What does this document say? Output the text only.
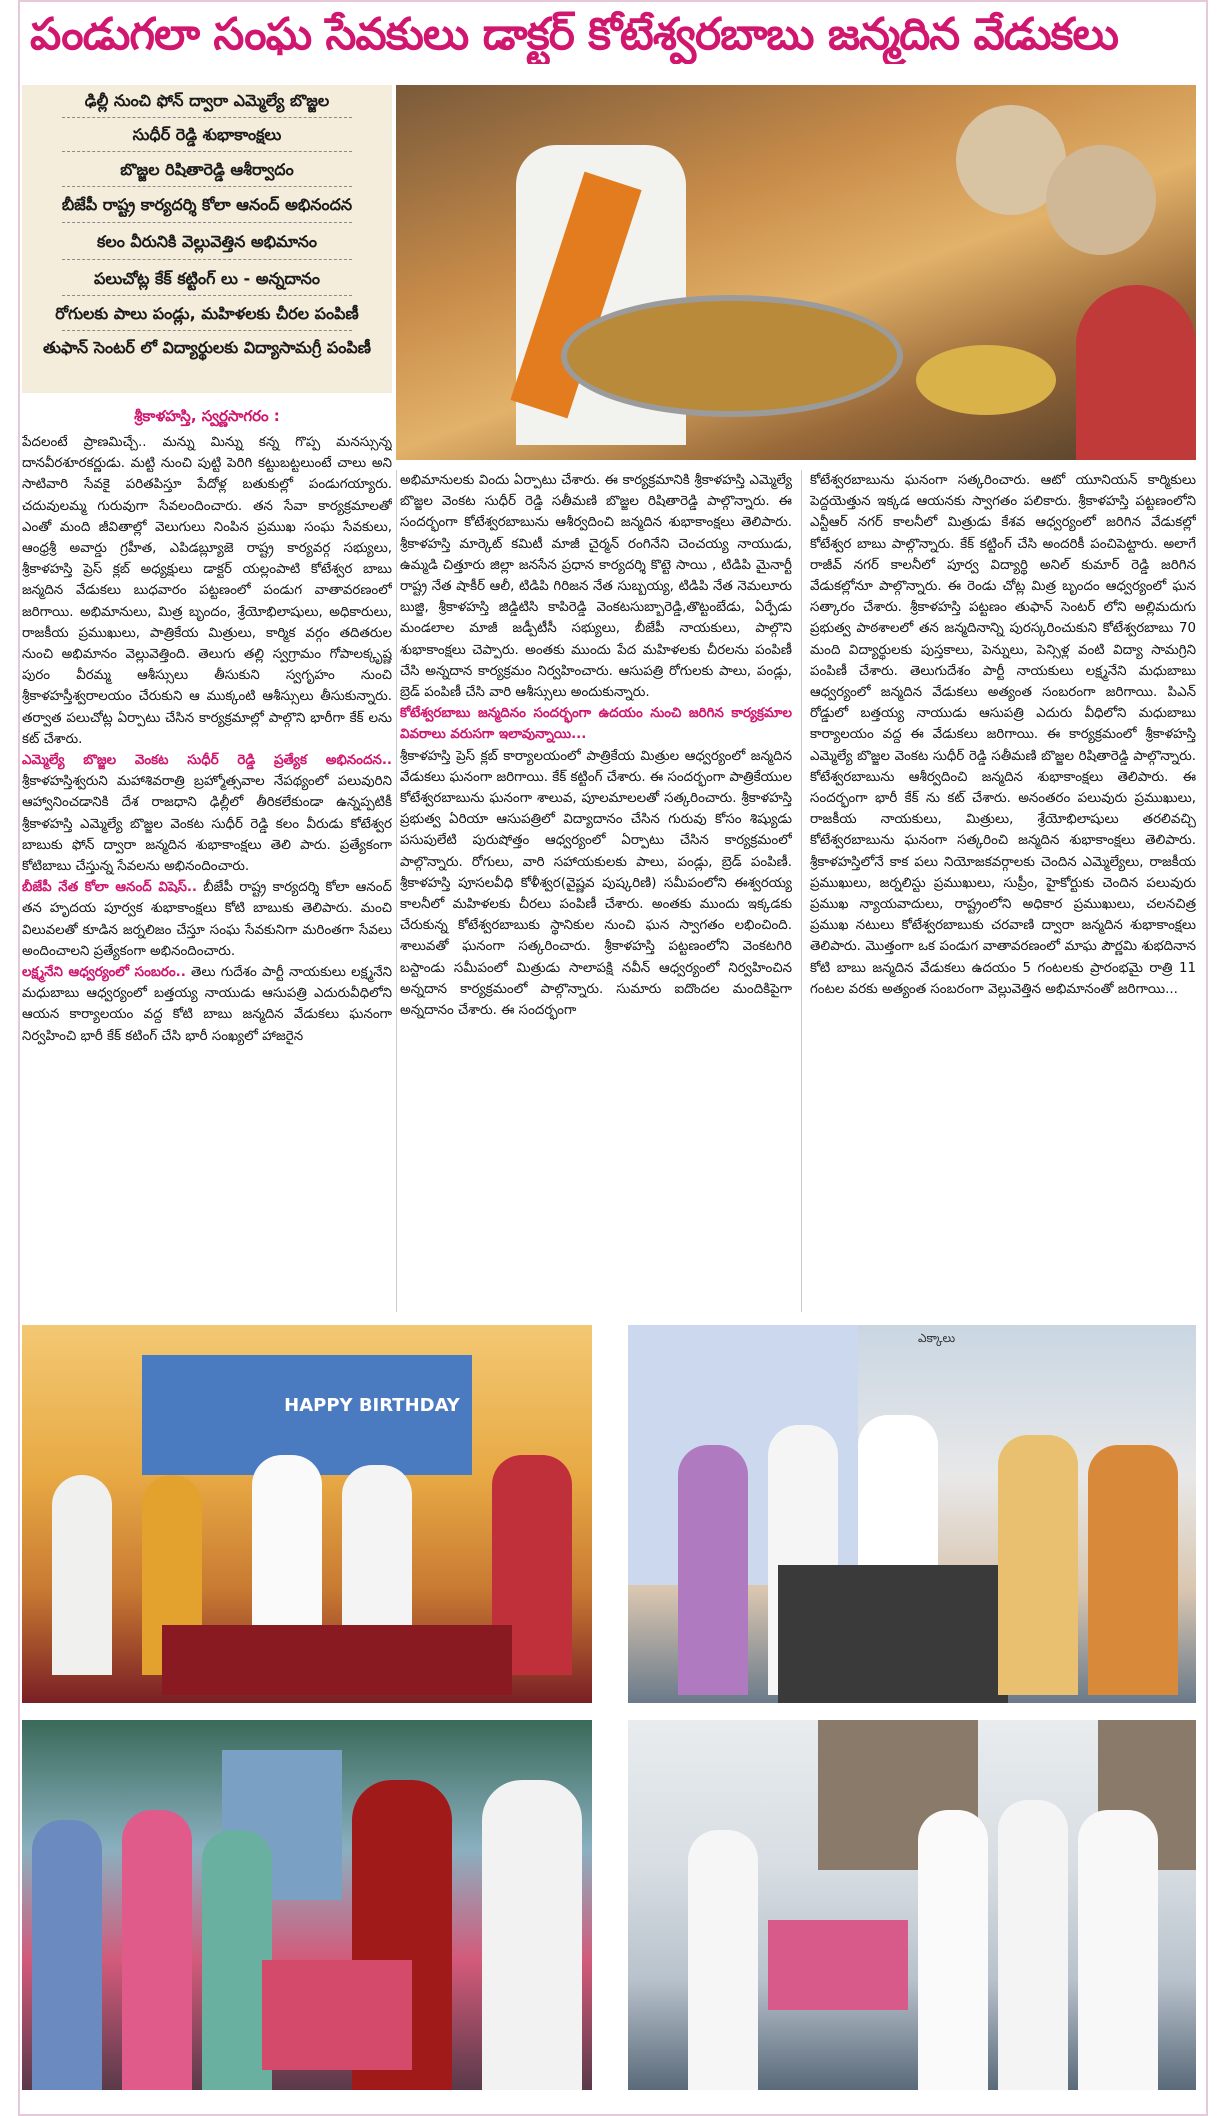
పండుగలా సంఘ సేవకులు డాక్టర్ కోటేశ్వరబాబు జన్మదిన వేడుకలు
ఢిల్లీ నుంచి ఫోన్ ద్వారా ఎమ్మెల్యే బొజ్జల
సుధీర్ రెడ్డి శుభాకాంక్షలు
బొజ్జల రిషితారెడ్డి ఆశీర్వాదం
బీజేపీ రాష్ట్ర కార్యదర్శి కోలా ఆనంద్ అభినందన
కలం వీరునికి వెల్లువెత్తిన అభిమానం
పలుచోట్ల కేక్ కట్టింగ్ లు - అన్నదానం
రోగులకు పాలు పండ్లు, మహిళలకు చీరల పంపిణీ
తుఫాన్ సెంటర్ లో విద్యార్థులకు విద్యాసామగ్రీ పంపిణీ
శ్రీకాళహస్తి, స్వర్ణసాగరం :

పేదలంటే ప్రాణమిచ్చే.. మన్ను మిన్ను కన్న గొప్ప మనస్సున్న దానవీరశూరకర్ణుడు. మట్టి నుంచి పుట్టి పెరిగి కట్టుబట్టలుంటే చాలు అని సాటివారి సేవకై పరితపిస్తూ పేదోళ్ల బతుకుల్లో పండుగయ్యారు. చదువులమ్మ గురువుగా సేవలందించారు. తన సేవా కార్యక్రమాలతో ఎంతో మంది జీవితాల్లో వెలుగులు నింపిన ప్రముఖ సంఘ సేవకులు, ఆంధ్రశ్రీ అవార్డు గ్రహీత, ఎపిడబ్ల్యూజె రాష్ట్ర కార్యవర్గ సభ్యులు, శ్రీకాళహస్తి ప్రెస్ క్లబ్ అధ్యక్షులు డాక్టర్ యల్లంపాటి కోటేశ్వర బాబు జన్మదిన వేడుకలు బుధవారం పట్టణంలో పండుగ వాతావరణంలో జరిగాయి. అభిమానులు, మిత్ర బృందం, శ్రేయోభిలాషులు, అధికారులు, రాజకీయ ప్రముఖులు, పాత్రికేయ మిత్రులు, కార్మిక వర్గం తదితరుల నుంచి అభిమానం వెల్లువెత్తింది. తెలుగు తల్లి స్వగ్రామం గోపాలక్కృష్ణ పురం వీరమ్మ ఆశీస్సులు తీసుకుని స్వగృహం నుంచి శ్రీకాళహస్తీశ్వరాలయం చేరుకుని ఆ ముక్కంటి ఆశీస్సులు తీసుకున్నారు. తర్వాత పలుచోట్ల ఏర్పాటు చేసిన కార్యక్రమాల్లో పాల్గొని భారీగా కేక్ లను కట్ చేశారు.

ఎమ్మెల్యే బొజ్జల వెంకట సుధీర్ రెడ్డి ప్రత్యేక అభినందన.. శ్రీకాళహస్తిశ్వరుని మహాశివరాత్రి బ్రహ్మోత్సవాల నేపథ్యంలో పలువురిని ఆహ్వానించడానికి దేశ రాజధాని ఢిల్లీలో తీరికలేకుండా ఉన్నప్పటికీ శ్రీకాళహస్తి ఎమ్మెల్యే బొజ్జల వెంకట సుధీర్ రెడ్డి కలం వీరుడు కోటేశ్వర బాబుకు ఫోన్ ద్వారా జన్మదిన శుభాకాంక్షలు తెలి పారు. ప్రత్యేకంగా కోటిబాబు చేస్తున్న సేవలను అభినందించారు.

బీజేపీ నేత కోలా ఆనంద్ విషెస్.. బీజేపీ రాష్ట్ర కార్యదర్శి కోలా ఆనంద్ తన హృదయ పూర్వక శుభాకాంక్షలు కోటి బాబుకు తెలిపారు. మంచి విలువలతో కూడిన జర్నలిజం చేస్తూ సంఘ సేవకునిగా మరింతగా సేవలు అందించాలని ప్రత్యేకంగా అభినందించారు.

లక్ష్మనేని ఆధ్వర్యంలో సంబరం.. తెలు గుదేశం పార్టీ నాయకులు లక్ష్మనేని మధుబాబు ఆధ్వర్యంలో బత్తయ్య నాయుడు ఆసుపత్రి ఎదురువీధిలోని ఆయన కార్యాలయం వద్ద కోటి బాబు జన్మదిన వేడుకలు ఘనంగా నిర్వహించి భారీ కేక్ కటింగ్ చేసి భారీ సంఖ్యలో హాజరైన

అభిమానులకు విందు ఏర్పాటు చేశారు. ఈ కార్యక్రమానికి శ్రీకాళహస్తి ఎమ్మెల్యే బొజ్జల వెంకట సుధీర్ రెడ్డి సతీమణి బొజ్జల రిషితారెడ్డి పాల్గొన్నారు. ఈ సందర్భంగా కోటేశ్వరబాబును ఆశీర్వదించి జన్మదిన శుభాకాంక్షలు తెలిపారు. శ్రీకాళహస్తి మార్కెట్ కమిటీ మాజీ చైర్మన్ రంగినేని చెంచయ్య నాయుడు, ఉమ్మడి చిత్తూరు జిల్లా జనసేన ప్రధాన కార్యదర్శి కొట్టె సాయి , టిడిపి మైనార్టీ రాష్ట్ర నేత షాకీర్ ఆలీ, టిడిపి గిరిజన నేత సుబ్బయ్య, టిడిపి నేత నెమలూరు బుజ్జి, శ్రీకాళహస్తి జిడ్డిటిసి కాపిరెడ్డి వెంకటసుబ్బారెడ్డి,తొట్టంబేడు, ఏర్పేడు మండలాల మాజీ జడ్పీటీసీ సభ్యులు, బీజేపీ నాయకులు, పాల్గొని శుభాకాంక్షలు చెప్పారు. అంతకు ముందు పేద మహిళలకు చీరలను పంపిణీ చేసి అన్నదాన కార్యక్రమం నిర్వహించారు. ఆసుపత్రి రోగులకు పాలు, పండ్లు, బ్రెడ్ పంపిణీ చేసి వారి ఆశీస్సులు అందుకున్నారు.

కోటేశ్వరబాబు జన్మదినం సందర్భంగా ఉదయం నుంచి జరిగిన కార్యక్రమాల వివరాలు వరుసగా ఇలావున్నాయి...

శ్రీకాళహస్తి ప్రెస్ క్లబ్ కార్యాలయంలో పాత్రికేయ మిత్రుల ఆధ్వర్యంలో జన్మదిన వేడుకలు ఘనంగా జరిగాయి. కేక్ కట్టింగ్ చేశారు. ఈ సందర్భంగా పాత్రికేయుల కోటేశ్వరబాబును ఘనంగా శాలువ, పూలమాలలతో సత్కరించారు. శ్రీకాళహస్తి ప్రభుత్వ ఏరియా ఆసుపత్రిలో విద్యాదానం చేసిన గురువు కోసం శిష్యుడు పసుపులేటి పురుషోత్తం ఆధ్వర్యంలో ఏర్పాటు చేసిన కార్యక్రమంలో పాల్గొన్నారు. రోగులు, వారి సహాయకులకు పాలు, పండ్లు, బ్రెడ్ పంపిణీ. శ్రీకాళహస్తి పూసలవీధి కోళీశ్వర(వైష్ణవ పుష్కరిణి) సమీపంలోని ఈశ్వరయ్య కాలనీలో మహిళలకు చీరలు పంపిణీ చేశారు. అంతకు ముందు ఇక్కడకు చేరుకున్న కోటేశ్వరబాబుకు స్థానికుల నుంచి ఘన స్వాగతం లభించింది. శాలువతో ఘనంగా సత్కరించారు. శ్రీకాళహస్తి పట్టణంలోని వెంకటగిరి బస్టాండు సమీపంలో మిత్రుడు సాలాపక్షి నవీన్ ఆధ్వర్యంలో నిర్వహించిన అన్నదాన కార్యక్రమంలో పాల్గొన్నారు. సుమారు ఐదొందల మందికిపైగా అన్నదానం చేశారు. ఈ సందర్భంగా

కోటేశ్వరబాబును ఘనంగా సత్కరించారు. ఆటో యూనియన్ కార్మికులు పెద్దయెత్తున ఇక్కడ ఆయనకు స్వాగతం పలికారు. శ్రీకాళహస్తి పట్టణంలోని ఎన్టీఆర్ నగర్ కాలనీలో మిత్రుడు కేశవ ఆధ్వర్యంలో జరిగిన వేడుకల్లో కోటేశ్వర బాబు పాల్గొన్నారు. కేక్ కట్టింగ్ చేసి అందరికీ పంచిపెట్టారు. అలాగే రాజీవ్ నగర్ కాలనీలో పూర్వ విద్యార్థి అనిల్ కుమార్ రెడ్డి జరిగిన వేడుకల్లోనూ పాల్గొన్నారు. ఈ రెండు చోట్ల మిత్ర బృందం ఆధ్వర్యంలో ఘన సత్కారం చేశారు. శ్రీకాళహస్తి పట్టణం తుఫాన్ సెంటర్ లోని అల్లిమదుగు ప్రభుత్వ పాఠశాలలో తన జన్మదినాన్ని పురస్కరించుకుని కోటేశ్వరబాబు 70 మంది విద్యార్థులకు పుస్తకాలు, పెన్నులు, పెన్సిళ్ల వంటి విద్యా సామగ్రిని పంపిణీ చేశారు. తెలుగుదేశం పార్టీ నాయకులు లక్ష్మనేని మధుబాబు ఆధ్వర్యంలో జన్మదిన వేడుకలు అత్యంత సంబరంగా జరిగాయి. పిఎన్ రోడ్డులో బత్తయ్య నాయుడు ఆసుపత్రి ఎదురు వీధిలోని మధుబాబు కార్యాలయం వద్ద ఈ వేడుకలు జరిగాయి. ఈ కార్యక్రమంలో శ్రీకాళహస్తి ఎమ్మెల్యే బొజ్జల వెంకట సుధీర్ రెడ్డి సతీమణి బొజ్జల రిషితారెడ్డి పాల్గొన్నారు. కోటేశ్వరబాబును ఆశీర్వదించి జన్మదిన శుభాకాంక్షలు తెలిపారు. ఈ సందర్భంగా భారీ కేక్ ను కట్ చేశారు. అనంతరం పలువురు ప్రముఖులు, రాజకీయ నాయకులు, మిత్రులు, శ్రేయోభిలాషులు తరలివచ్చి కోటేశ్వరబాబును ఘనంగా సత్కరించి జన్మదిన శుభాకాంక్షలు తెలిపారు. శ్రీకాళహస్తిలోనే కాక పలు నియోజకవర్గాలకు చెందిన ఎమ్మెల్యేలు, రాజకీయ ప్రముఖులు, జర్నలిస్టు ప్రముఖులు, సుప్రీం, హైకోర్టుకు చెందిన పలువురు ప్రముఖ న్యాయవాదులు, రాష్ట్రంలోని అధికార ప్రముఖులు, చలనచిత్ర ప్రముఖ నటులు కోటేశ్వరబాబుకు చరవాణి ద్వారా జన్మదిన శుభాకాంక్షలు తెలిపారు. మొత్తంగా ఒక పండుగ వాతావరణంలో మాఘ పౌర్ణమి శుభదినాన కోటి బాబు జన్మదిన వేడుకలు ఉదయం 5 గంటలకు ప్రారంభమై రాత్రి 11 గంటల వరకు అత్యంత సంబరంగా వెల్లువెత్తిన అభిమానంతో జరిగాయి...

HAPPY BIRTHDAY
ఎక్కాలు
